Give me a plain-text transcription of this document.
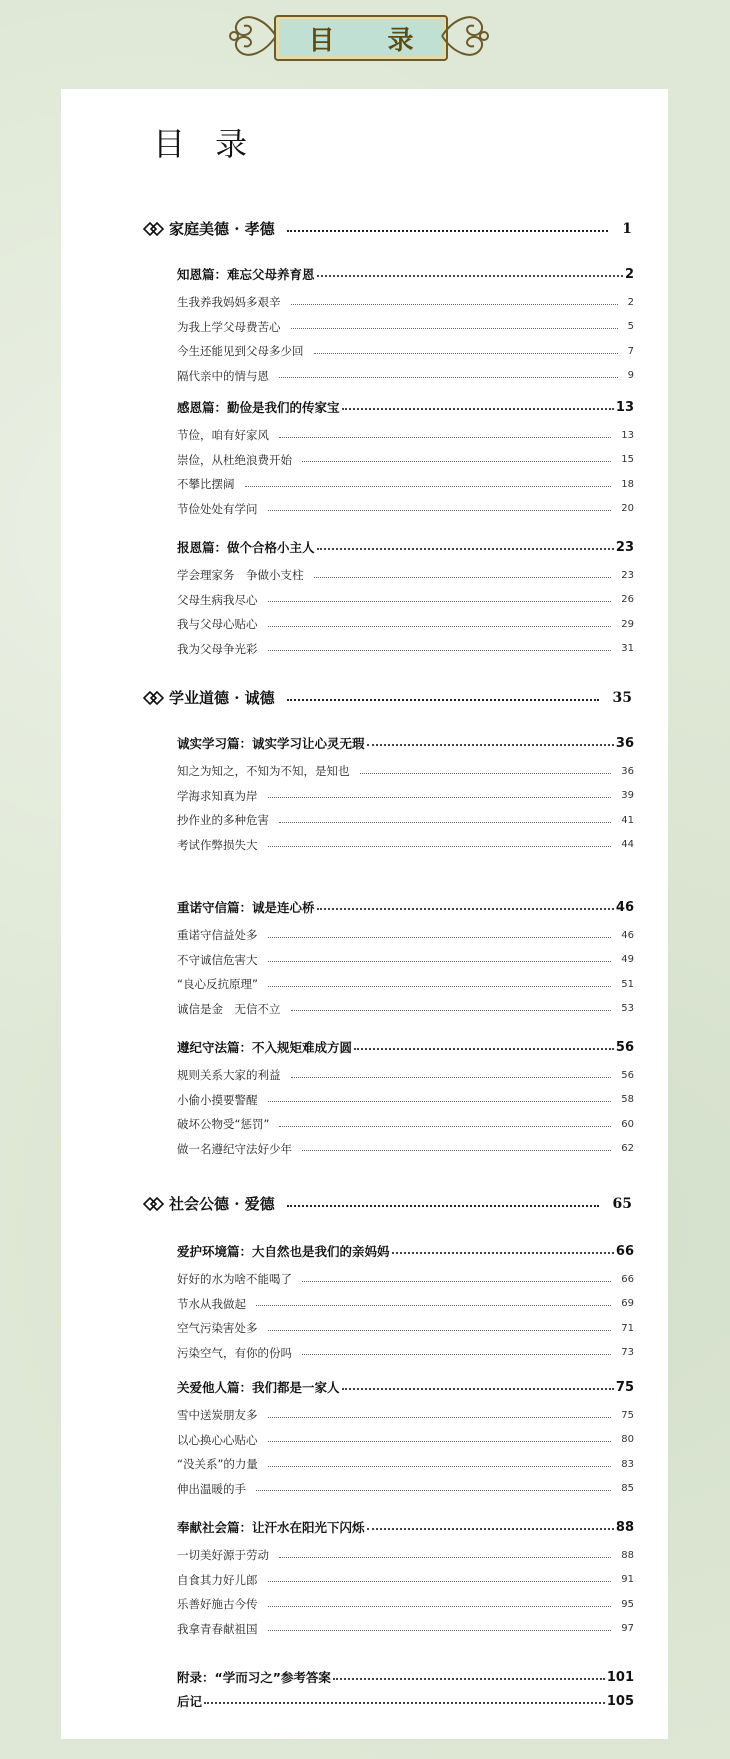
目 录
目 录
家庭美德 · 孝德	1
知恩篇：难忘父母养育恩	2
生我养我妈妈多艰辛	2
为我上学父母费苦心	5
今生还能见到父母多少回	7
隔代亲中的情与恩	9
感恩篇：勤俭是我们的传家宝	13
节俭，咱有好家风	13
崇俭，从杜绝浪费开始	15
不攀比摆阔	18
节俭处处有学问	20
报恩篇：做个合格小主人	23
学会理家务　争做小支柱	23
父母生病我尽心	26
我与父母心贴心	29
我为父母争光彩	31
学业道德 · 诚德	35
诚实学习篇：诚实学习让心灵无瑕	36
知之为知之，不知为不知，是知也	36
学海求知真为岸	39
抄作业的多种危害	41
考试作弊损失大	44
重诺守信篇：诚是连心桥	46
重诺守信益处多	46
不守诚信危害大	49
“良心反抗原理”	51
诚信是金　无信不立	53
遵纪守法篇：不入规矩难成方圆	56
规则关系大家的利益	56
小偷小摸要警醒	58
破坏公物受“惩罚”	60
做一名遵纪守法好少年	62
社会公德 · 爱德	65
爱护环境篇：大自然也是我们的亲妈妈	66
好好的水为啥不能喝了	66
节水从我做起	69
空气污染害处多	71
污染空气，有你的份吗	73
关爱他人篇：我们都是一家人	75
雪中送炭朋友多	75
以心换心心贴心	80
“没关系”的力量	83
伸出温暖的手	85
奉献社会篇：让汗水在阳光下闪烁	88
一切美好源于劳动	88
自食其力好儿郎	91
乐善好施古今传	95
我拿青春献祖国	97
附录：“学而习之”参考答案	101
后记	105
